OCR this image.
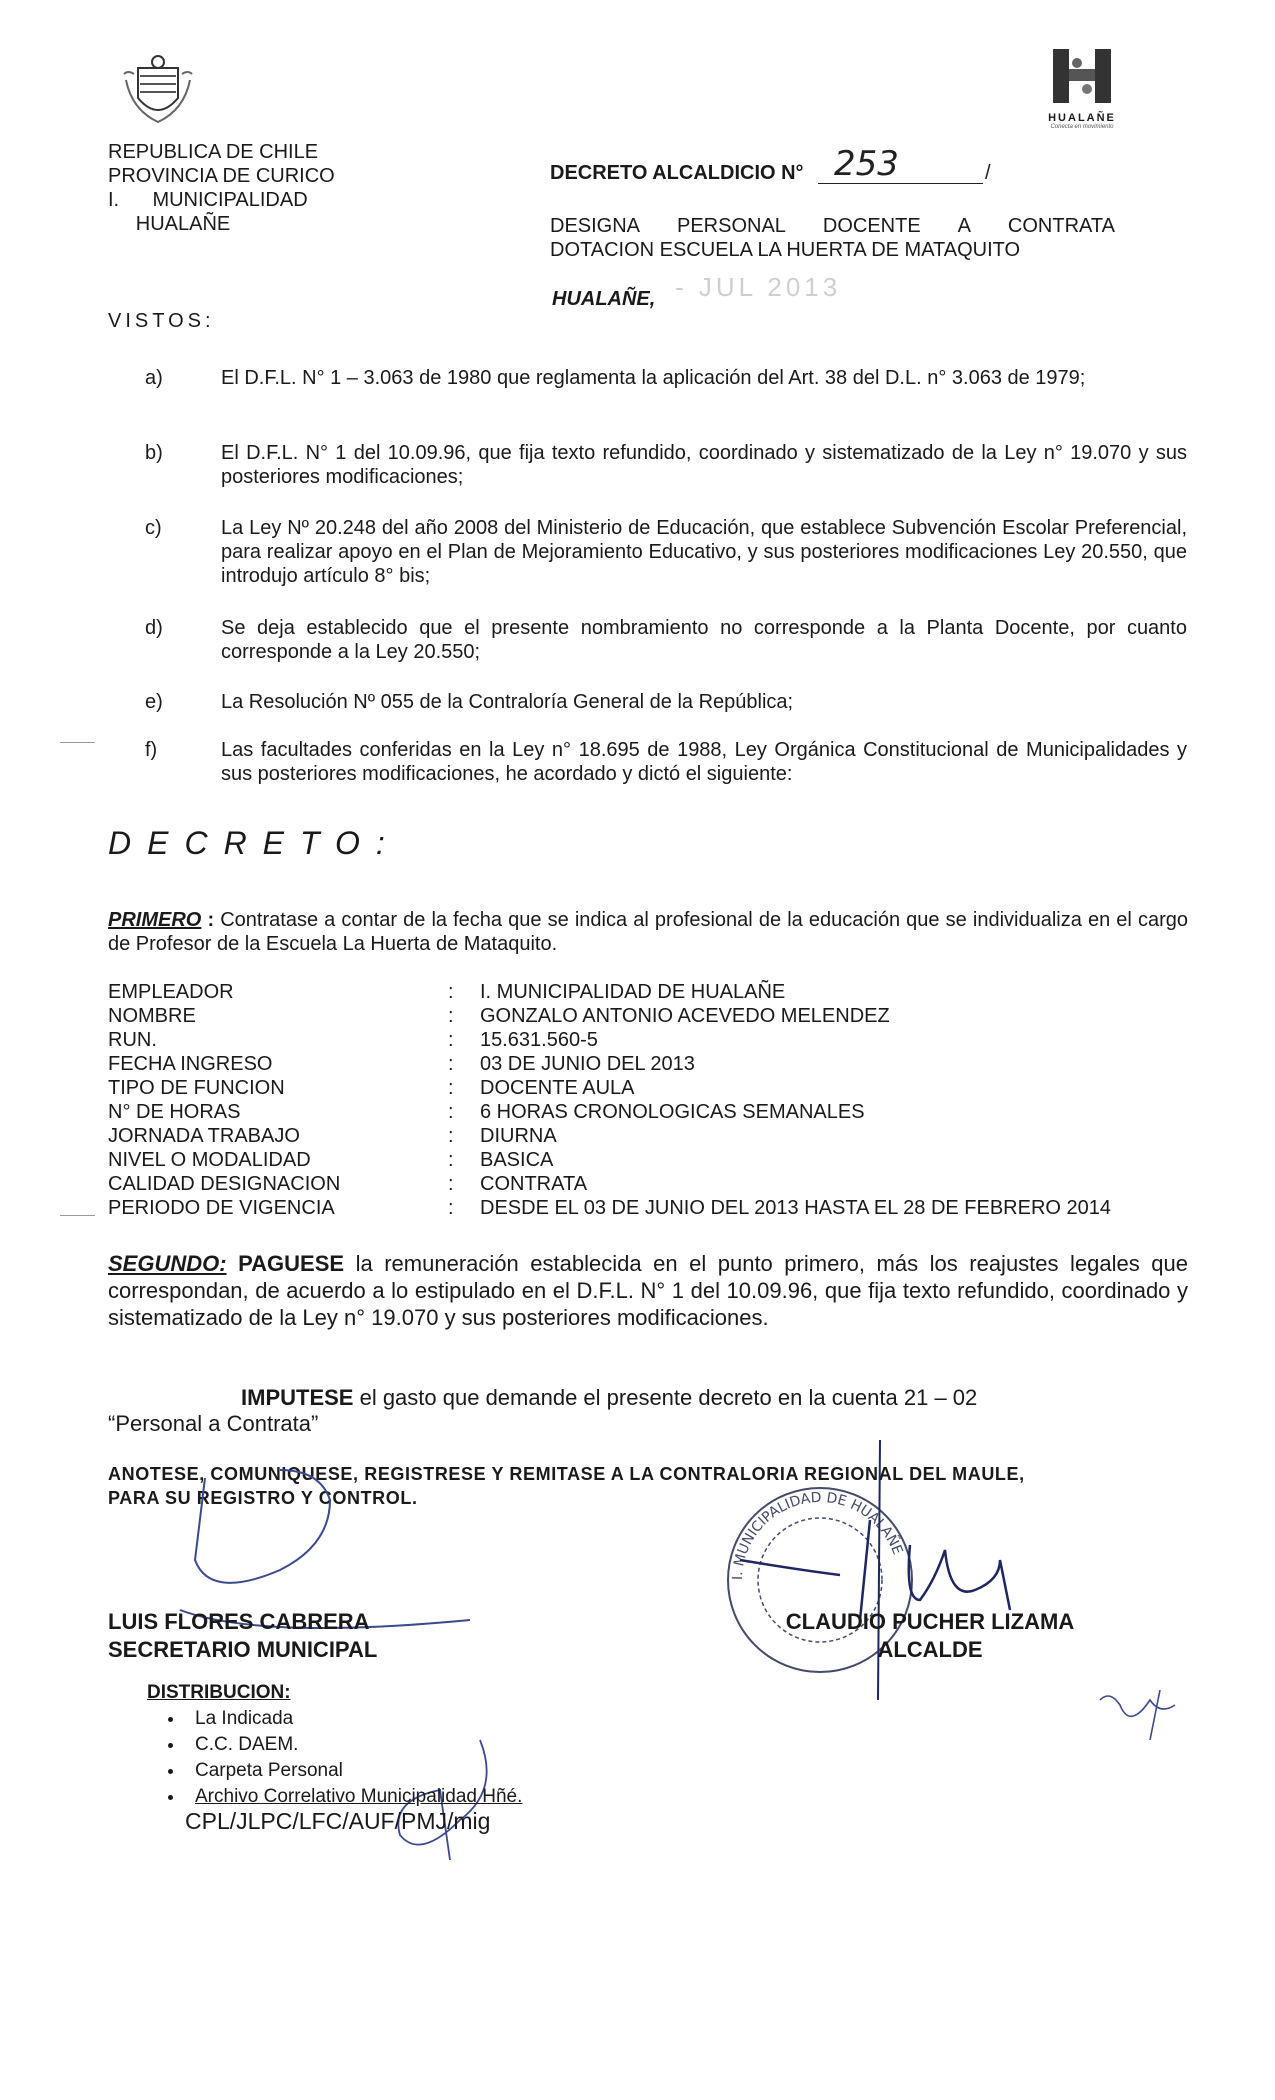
REPUBLICA DE CHILE
PROVINCIA DE CURICO
I.      MUNICIPALIDAD
HUALAÑE
HUALAÑE
Conecta en movimiento
DECRETO ALCALDICIO N° 253	/
DESIGNA PERSONAL DOCENTE A CONTRATA
DOTACION ESCUELA LA HUERTA DE MATAQUITO
HUALAÑE, - JUL 2013
VISTOS:
a)	El D.F.L. N° 1 – 3.063 de 1980 que reglamenta la aplicación del Art. 38 del D.L. n° 3.063 de 1979;
b)	El D.F.L. N° 1 del 10.09.96, que fija texto refundido, coordinado y sistematizado de la Ley n° 19.070 y sus posteriores modificaciones;
c)	La Ley Nº 20.248 del año 2008 del Ministerio de Educación, que establece Subvención Escolar Preferencial, para realizar apoyo en el Plan de Mejoramiento Educativo, y sus posteriores modificaciones Ley 20.550, que introdujo artículo 8° bis;
d)	Se deja establecido que el presente nombramiento no corresponde a la Planta Docente, por cuanto corresponde a la Ley 20.550;
e)	La Resolución Nº 055 de la Contraloría General de la República;
f)	Las facultades conferidas en la Ley n° 18.695 de 1988, Ley Orgánica Constitucional de Municipalidades y sus posteriores modificaciones, he acordado y dictó el siguiente:
DECRETO:
PRIMERO : Contratase a contar de la fecha que se indica al profesional de la educación que se individualiza en el cargo de Profesor de la Escuela La Huerta de Mataquito.
EMPLEADOR	: I. MUNICIPALIDAD DE HUALAÑE
NOMBRE	: GONZALO ANTONIO ACEVEDO MELENDEZ
RUN.	: 15.631.560-5
FECHA INGRESO	: 03 DE JUNIO DEL 2013
TIPO DE FUNCION	: DOCENTE AULA
N° DE HORAS	: 6 HORAS CRONOLOGICAS SEMANALES
JORNADA TRABAJO	: DIURNA
NIVEL O MODALIDAD	: BASICA
CALIDAD DESIGNACION	: CONTRATA
PERIODO DE VIGENCIA	: DESDE EL 03 DE JUNIO DEL 2013 HASTA EL 28 DE FEBRERO 2014
SEGUNDO: PAGUESE la remuneración establecida en el punto primero, más los reajustes legales que correspondan, de acuerdo a lo estipulado en el D.F.L. N° 1 del 10.09.96, que fija texto refundido, coordinado y sistematizado de la Ley n° 19.070 y sus posteriores modificaciones.
IMPUTESE el gasto que demande el presente decreto en la cuenta 21 – 02
“Personal a Contrata”
ANOTESE, COMUNIQUESE, REGISTRESE Y REMITASE A LA CONTRALORIA REGIONAL DEL MAULE,
PARA SU REGISTRO Y CONTROL.
I. MUNICIPALIDAD DE HUALAÑE
LUIS FLORES CABRERA
SECRETARIO MUNICIPAL
CLAUDIO PUCHER LIZAMA
ALCALDE
DISTRIBUCION:
• La Indicada
• C.C. DAEM.
• Carpeta Personal
• Archivo Correlativo Municipalidad Hñé.
CPL/JLPC/LFC/AUF/PMJ/mig
